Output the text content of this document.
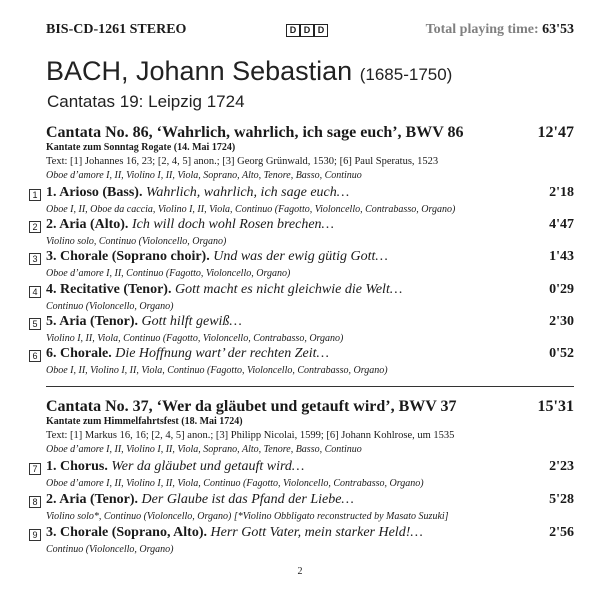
BIS-CD-1261 STEREO	D D D	Total playing time: 63'53
BACH, Johann Sebastian (1685-1750)
Cantatas 19: Leipzig 1724
Cantata No. 86, ‘Wahrlich, wahrlich, ich sage euch’, BWV 86	12'47
Kantate zum Sonntag Rogate (14. Mai 1724)
Text: [1] Johannes 16, 23; [2, 4, 5] anon.; [3] Georg Grünwald, 1530; [6] Paul Speratus, 1523
Oboe d’amore I, II, Violino I, II, Viola, Soprano, Alto, Tenore, Basso, Continuo
1 1. Arioso (Bass). Wahrlich, wahrlich, ich sage euch…	2'18
Oboe I, II, Oboe da caccia, Violino I, II, Viola, Continuo (Fagotto, Violoncello, Contrabasso, Organo)
2 2. Aria (Alto). Ich will doch wohl Rosen brechen…	4'47
Violino solo, Continuo (Violoncello, Organo)
3 3. Chorale (Soprano choir). Und was der ewig gütig Gott…	1'43
Oboe d’amore I, II, Continuo (Fagotto, Violoncello, Organo)
4 4. Recitative (Tenor). Gott macht es nicht gleichwie die Welt…	0'29
Continuo (Violoncello, Organo)
5 5. Aria (Tenor). Gott hilft gewiß…	2'30
Violino I, II, Viola, Continuo (Fagotto, Violoncello, Contrabasso, Organo)
6 6. Chorale. Die Hoffnung wart’ der rechten Zeit…	0'52
Oboe I, II, Violino I, II, Viola, Continuo (Fagotto, Violoncello, Contrabasso, Organo)
Cantata No. 37, ‘Wer da gläubet und getauft wird’, BWV 37	15'31
Kantate zum Himmelfahrtsfest (18. Mai 1724)
Text: [1] Markus 16, 16; [2, 4, 5] anon.; [3] Philipp Nicolai, 1599; [6] Johann Kohlrose, um 1535
Oboe d’amore I, II, Violino I, II, Viola, Soprano, Alto, Tenore, Basso, Continuo
7 1. Chorus. Wer da gläubet und getauft wird…	2'23
Oboe d’amore I, II, Violino I, II, Viola, Continuo (Fagotto, Violoncello, Contrabasso, Organo)
8 2. Aria (Tenor). Der Glaube ist das Pfand der Liebe…	5'28
Violino solo*, Continuo (Violoncello, Organo) [*Violino Obbligato reconstructed by Masato Suzuki]
9 3. Chorale (Soprano, Alto). Herr Gott Vater, mein starker Held!…	2'56
Continuo (Violoncello, Organo)
2
